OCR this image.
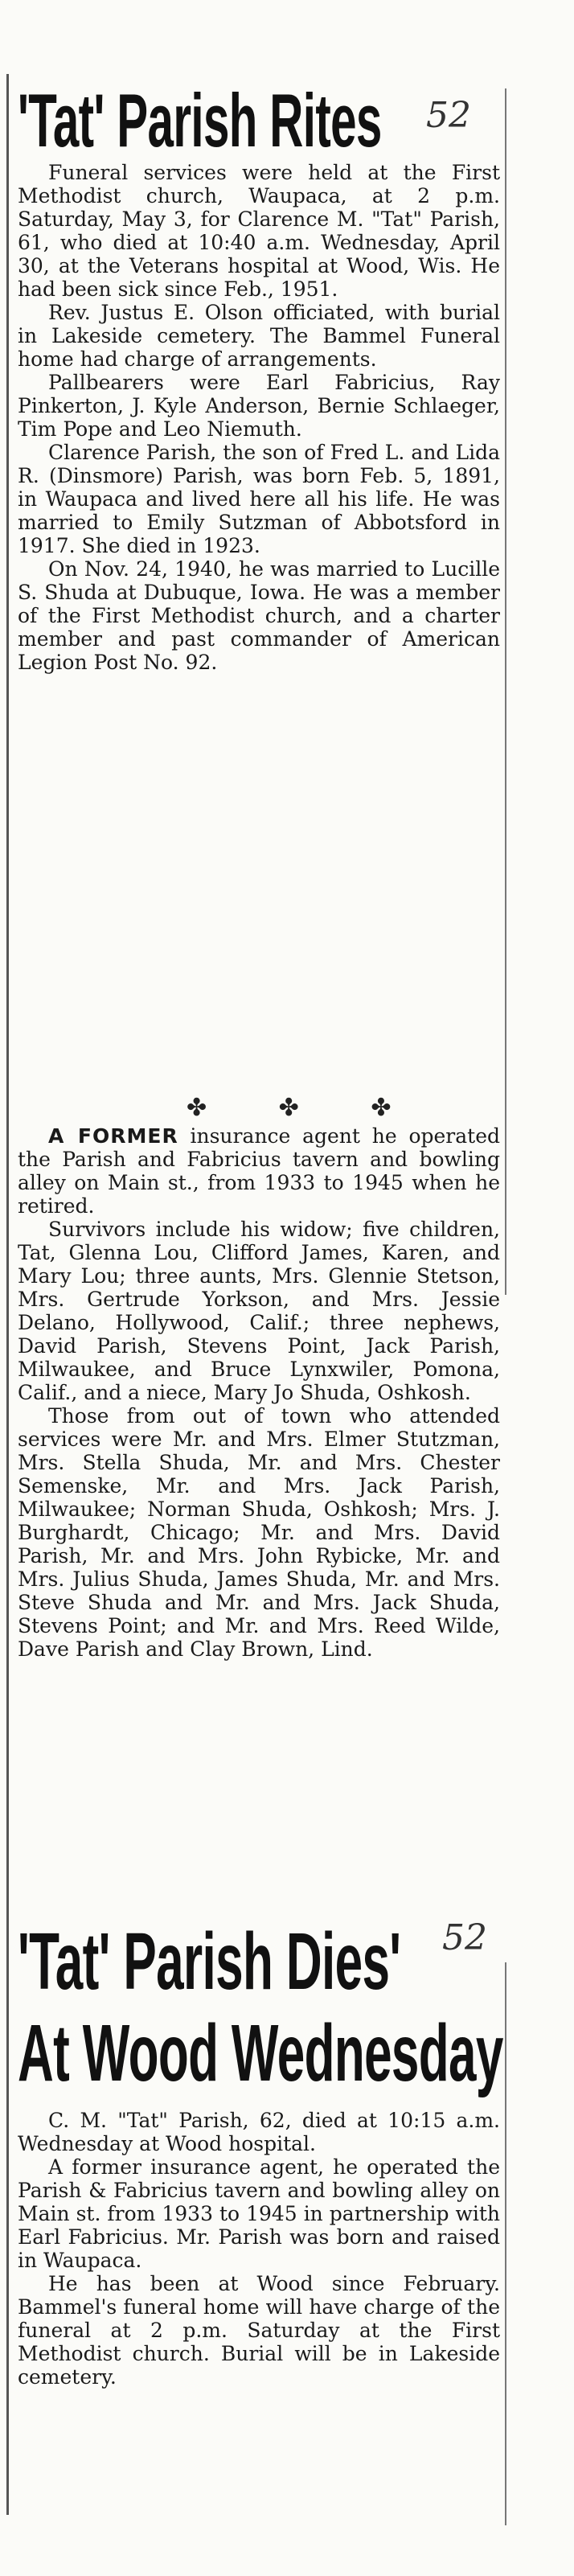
'Tat' Parish Rites 52

Funeral services were held at the First Methodist church, Waupaca, at 2 p.m. Saturday, May 3, for Clarence M. "Tat" Parish, 61, who died at 10:40 a.m. Wednesday, April 30, at the Veterans hospital at Wood, Wis. He had been sick since Feb., 1951.

Rev. Justus E. Olson officiated, with burial in Lakeside cemetery. The Bammel Funeral home had charge of arrangements.

Pallbearers were Earl Fabricius, Ray Pinkerton, J. Kyle Anderson, Bernie Schlaeger, Tim Pope and Leo Niemuth.

Clarence Parish, the son of Fred L. and Lida R. (Dinsmore) Parish, was born Feb. 5, 1891, in Waupaca and lived here all his life. He was married to Emily Sutzman of Abbotsford in 1917. She died in 1923.

On Nov. 24, 1940, he was married to Lucille S. Shuda at Dubuque, Iowa. He was a member of the First Methodist church, and a charter member and past commander of American Legion Post No. 92.

✤ ✤ ✤

A FORMER insurance agent he operated the Parish and Fabricius tavern and bowling alley on Main st., from 1933 to 1945 when he retired.

Survivors include his widow; five children, Tat, Glenna Lou, Clifford James, Karen, and Mary Lou; three aunts, Mrs. Glennie Stetson, Mrs. Gertrude Yorkson, and Mrs. Jessie Delano, Hollywood, Calif.; three nephews, David Parish, Stevens Point, Jack Parish, Milwaukee, and Bruce Lynxwiler, Pomona, Calif., and a niece, Mary Jo Shuda, Oshkosh.

Those from out of town who attended services were Mr. and Mrs. Elmer Stutzman, Mrs. Stella Shuda, Mr. and Mrs. Chester Semenske, Mr. and Mrs. Jack Parish, Milwaukee; Norman Shuda, Oshkosh; Mrs. J. Burghardt, Chicago; Mr. and Mrs. David Parish, Mr. and Mrs. John Rybicke, Mr. and Mrs. Julius Shuda, James Shuda, Mr. and Mrs. Steve Shuda and Mr. and Mrs. Jack Shuda, Stevens Point; and Mr. and Mrs. Reed Wilde, Dave Parish and Clay Brown, Lind.

'Tat' Parish Dies' 52
At Wood Wednesday

C. M. "Tat" Parish, 62, died at 10:15 a.m. Wednesday at Wood hospital.

A former insurance agent, he operated the Parish & Fabricius tavern and bowling alley on Main st. from 1933 to 1945 in partnership with Earl Fabricius. Mr. Parish was born and raised in Waupaca.

He has been at Wood since February. Bammel's funeral home will have charge of the funeral at 2 p.m. Saturday at the First Methodist church. Burial will be in Lakeside cemetery.
